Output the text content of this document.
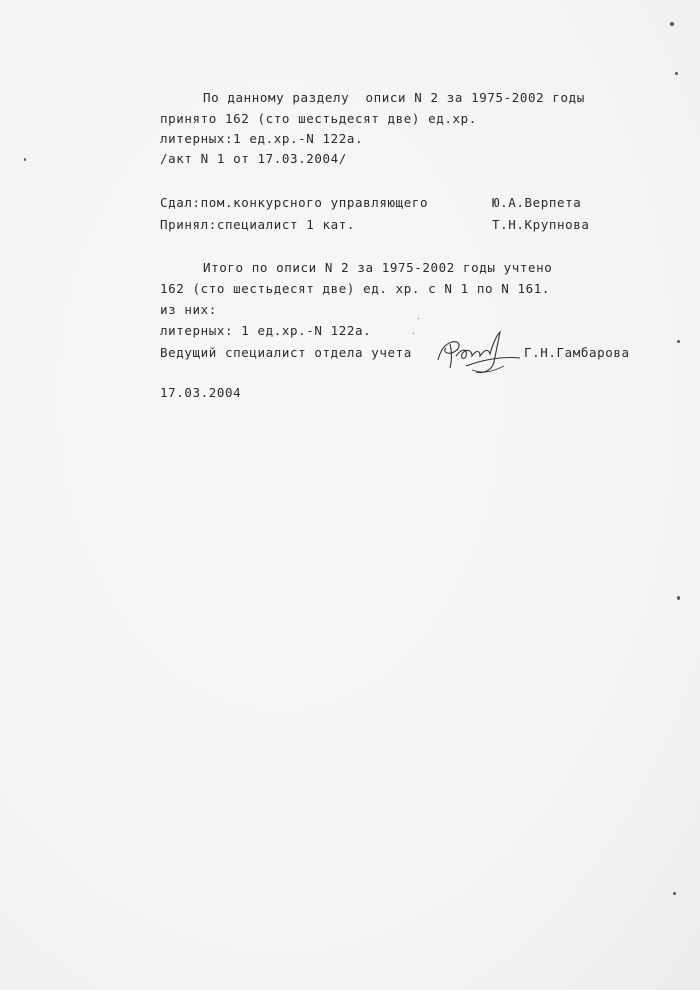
По данному разделу  описи N 2 за 1975-2002 годы
принято 162 (сто шестьдесят две) ед.хр.
литерных:1 ед.хр.-N 122а.
/акт N 1 от 17.03.2004/
Сдал:пом.конкурсного управляющего	Ю.А.Верпета
Принял:специалист 1 кат.	Т.Н.Крупнова
Итого по описи N 2 за 1975-2002 годы учтено
162 (сто шестьдесят две) ед. хр. с N 1 по N 161.
из них:
литерных: 1 ед.хр.-N 122а.
Ведущий специалист отдела учета	Г.Н.Гамбарова
17.03.2004
